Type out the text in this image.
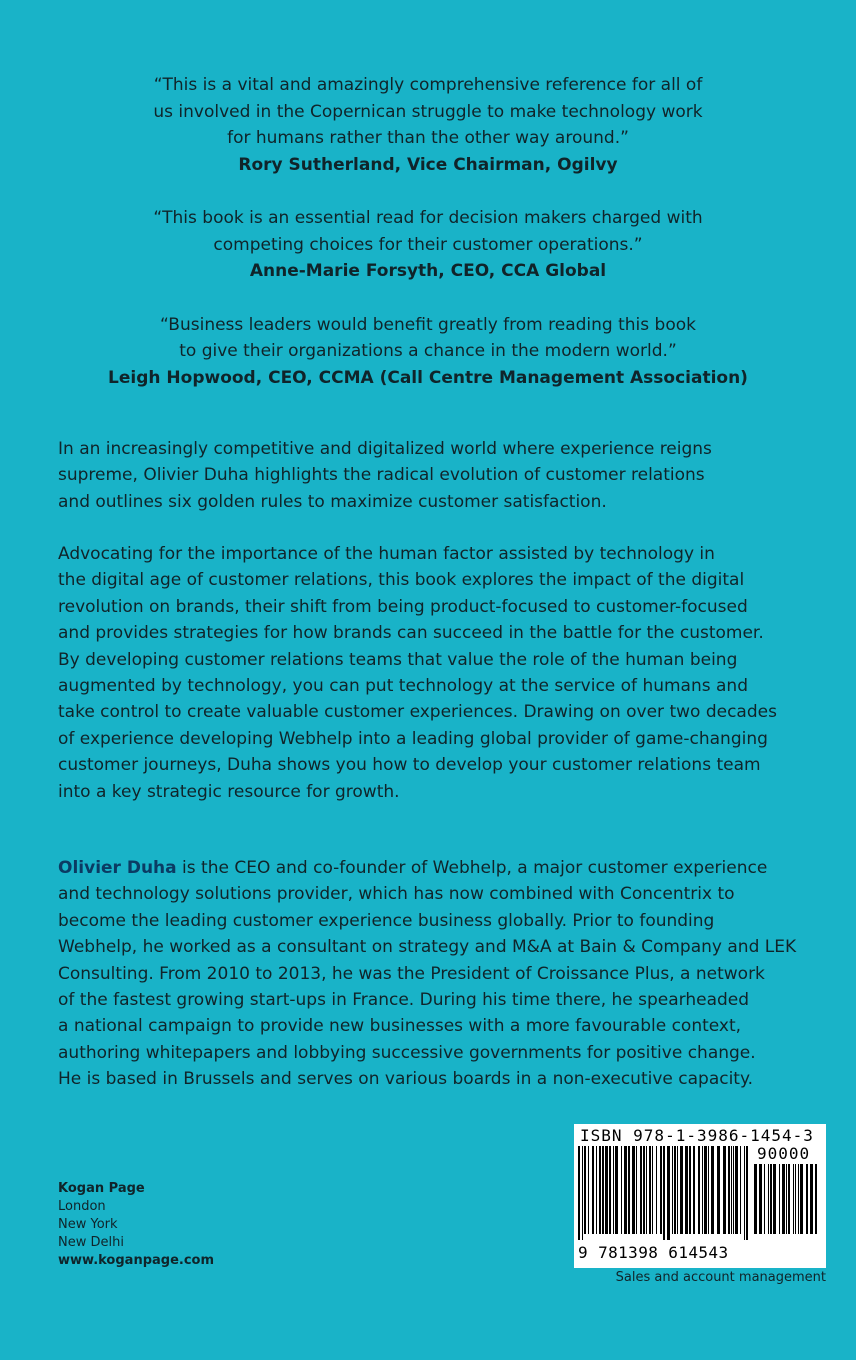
“This is a vital and amazingly comprehensive reference for all of
us involved in the Copernican struggle to make technology work
for humans rather than the other way around.”

Rory Sutherland, Vice Chairman, Ogilvy

“This book is an essential read for decision makers charged with
competing choices for their customer operations.”

Anne-Marie Forsyth, CEO, CCA Global

“Business leaders would benefit greatly from reading this book
to give their organizations a chance in the modern world.”

Leigh Hopwood, CEO, CCMA (Call Centre Management Association)

In an increasingly competitive and digitalized world where experience reigns
supreme, Olivier Duha highlights the radical evolution of customer relations
and outlines six golden rules to maximize customer satisfaction.

Advocating for the importance of the human factor assisted by technology in
the digital age of customer relations, this book explores the impact of the digital
revolution on brands, their shift from being product-focused to customer-focused
and provides strategies for how brands can succeed in the battle for the customer.
By developing customer relations teams that value the role of the human being
augmented by technology, you can put technology at the service of humans and
take control to create valuable customer experiences. Drawing on over two decades
of experience developing Webhelp into a leading global provider of game-changing
customer journeys, Duha shows you how to develop your customer relations team
into a key strategic resource for growth.

Olivier Duha is the CEO and co-founder of Webhelp, a major customer experience
and technology solutions provider, which has now combined with Concentrix to
become the leading customer experience business globally. Prior to founding
Webhelp, he worked as a consultant on strategy and M&A at Bain & Company and LEK
Consulting. From 2010 to 2013, he was the President of Croissance Plus, a network
of the fastest growing start-ups in France. During his time there, he spearheaded
a national campaign to provide new businesses with a more favourable context,
authoring whitepapers and lobbying successive governments for positive change.
He is based in Brussels and serves on various boards in a non-executive capacity.

Kogan Page
London
New York
New Delhi
www.koganpage.com
ISBN 978-1-3986-1454-3
90000
9 781398 614543
Sales and account management
